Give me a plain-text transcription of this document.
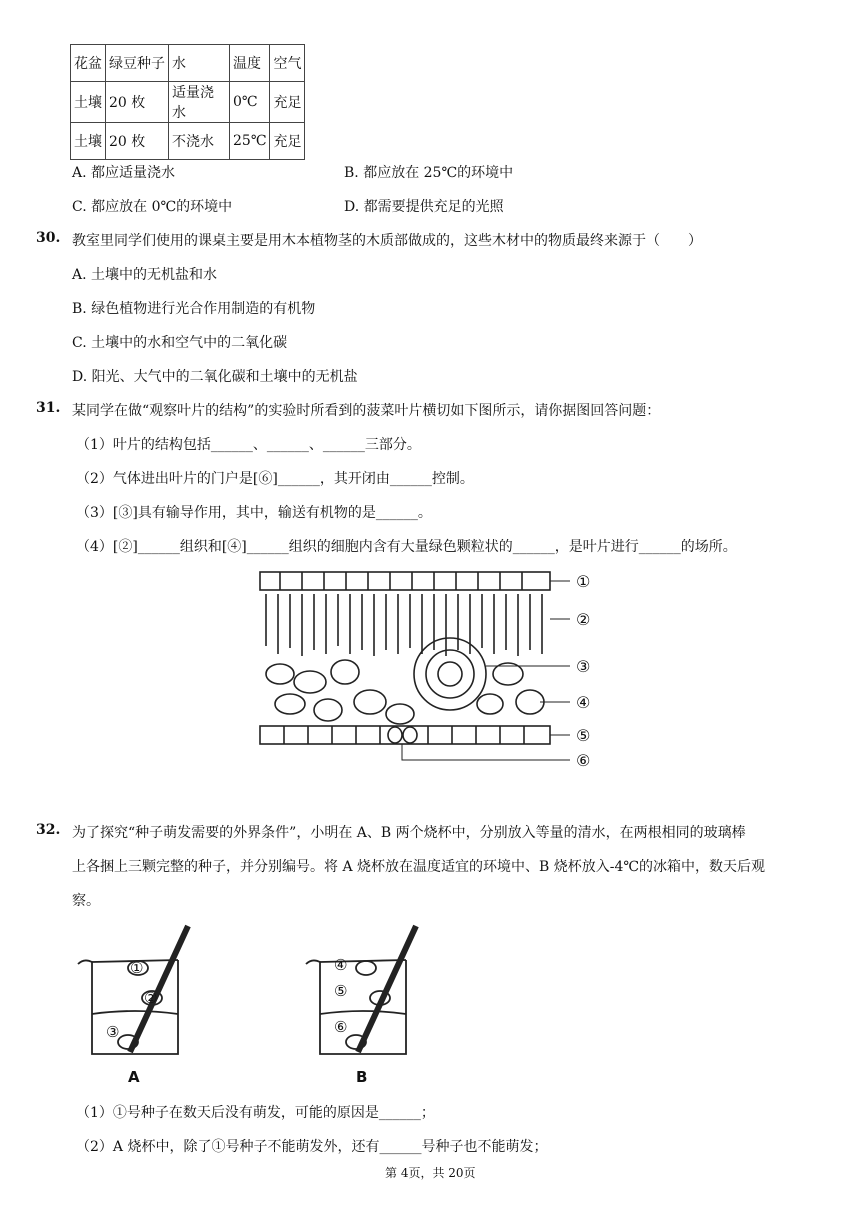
花盆	绿豆种子	水	温度	空气
土壤	20 枚	适量浇水	0℃	充足
土壤	20 枚	不浇水	25℃	充足
A. 都应适量浇水	B. 都应放在 25℃的环境中
C. 都应放在 0℃的环境中	D. 都需要提供充足的光照
30. 教室里同学们使用的课桌主要是用木本植物茎的木质部做成的，这些木材中的物质最终来源于（　　）
A. 土壤中的无机盐和水
B. 绿色植物进行光合作用制造的有机物
C. 土壤中的水和空气中的二氧化碳
D. 阳光、大气中的二氧化碳和土壤中的无机盐
31. 某同学在做“观察叶片的结构”的实验时所看到的菠菜叶片横切如下图所示，请你据图回答问题：
（1）叶片的结构包括______、______、______三部分。
（2）气体进出叶片的门户是[⑥]______，其开闭由______控制。
（3）[③]具有输导作用，其中，输送有机物的是______。
（4）[②]______组织和[④]______组织的细胞内含有大量绿色颗粒状的______，是叶片进行______的场所。
①
②
③
④
⑤
⑥
32. 为了探究“种子萌发需要的外界条件”，小明在 A、B 两个烧杯中，分别放入等量的清水，在两根相同的玻璃棒
上各捆上三颗完整的种子，并分别编号。将 A 烧杯放在温度适宜的环境中、B 烧杯放入-4℃的冰箱中，数天后观
察。
①
②
③
A
④
⑤
⑥
B
（1）①号种子在数天后没有萌发，可能的原因是______；
（2）A 烧杯中，除了①号种子不能萌发外，还有______号种子也不能萌发；
第 4页，共 20页
